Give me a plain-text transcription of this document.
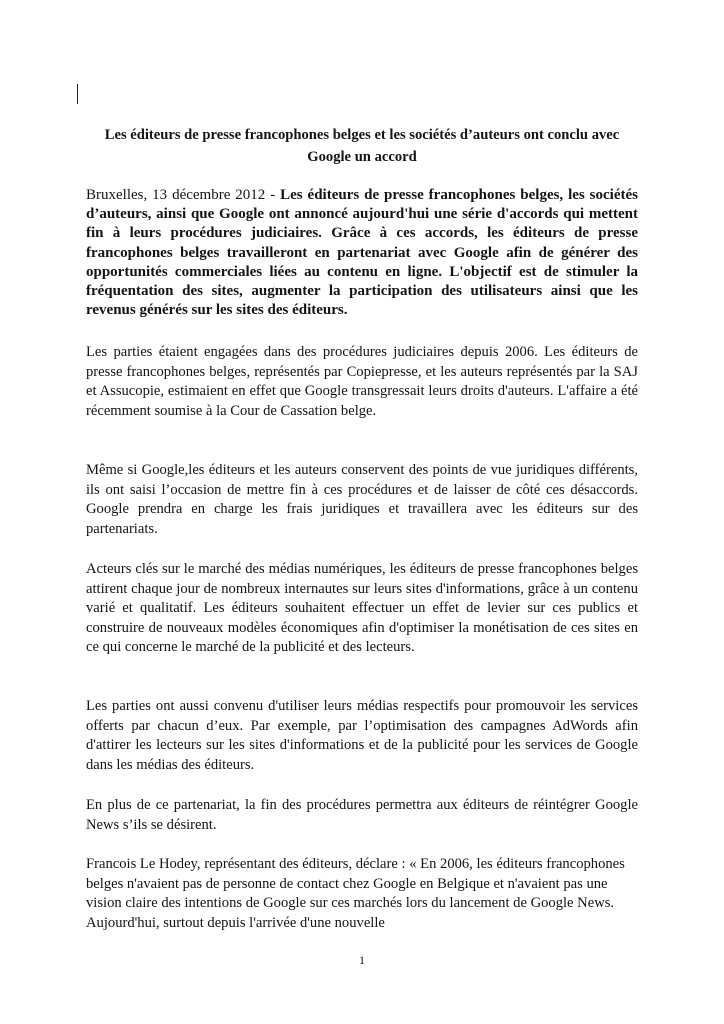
Les éditeurs de presse francophones belges et les sociétés d’auteurs ont conclu avec Google un accord

Bruxelles, 13 décembre 2012 - Les éditeurs de presse francophones belges, les sociétés d’auteurs, ainsi que Google ont annoncé aujourd'hui une série d'accords qui mettent fin à leurs procédures judiciaires. Grâce à ces accords, les éditeurs de presse francophones belges travailleront en partenariat avec Google afin de générer des opportunités commerciales liées au contenu en ligne. L'objectif est de stimuler la fréquentation des sites, augmenter la participation des utilisateurs ainsi que les revenus générés sur les sites des éditeurs.

Les parties étaient engagées dans des procédures judiciaires depuis 2006. Les éditeurs de presse francophones belges, représentés par Copiepresse, et les auteurs représentés par la SAJ et Assucopie, estimaient en effet que Google transgressait leurs droits d'auteurs. L'affaire a été récemment soumise à la Cour de Cassation belge.

Même si Google,les éditeurs et les auteurs conservent des points de vue juridiques différents, ils ont saisi l’occasion de mettre fin à ces procédures et de laisser de côté ces désaccords. Google prendra en charge les frais juridiques et travaillera avec les éditeurs sur des partenariats.

Acteurs clés sur le marché des médias numériques, les éditeurs de presse francophones belges attirent chaque jour de nombreux internautes sur leurs sites d'informations, grâce à un contenu varié et qualitatif. Les éditeurs souhaitent effectuer un effet de levier sur ces publics et construire de nouveaux modèles économiques afin d'optimiser la monétisation de ces sites en ce qui concerne le marché de la publicité et des lecteurs.

Les parties ont aussi convenu d'utiliser leurs médias respectifs pour promouvoir les services offerts par chacun d’eux. Par exemple, par l’optimisation des campagnes AdWords afin d'attirer les lecteurs sur les sites d'informations et de la publicité pour les services de Google dans les médias des éditeurs.

En plus de ce partenariat, la fin des procédures permettra aux éditeurs de réintégrer Google News s’ils se désirent.

Francois Le Hodey, représentant des éditeurs, déclare : « En 2006, les éditeurs francophones belges n'avaient pas de personne de contact chez Google en Belgique et n'avaient pas une vision claire des intentions de Google sur ces marchés lors du lancement de Google News. Aujourd'hui, surtout depuis l'arrivée d'une nouvelle

1
